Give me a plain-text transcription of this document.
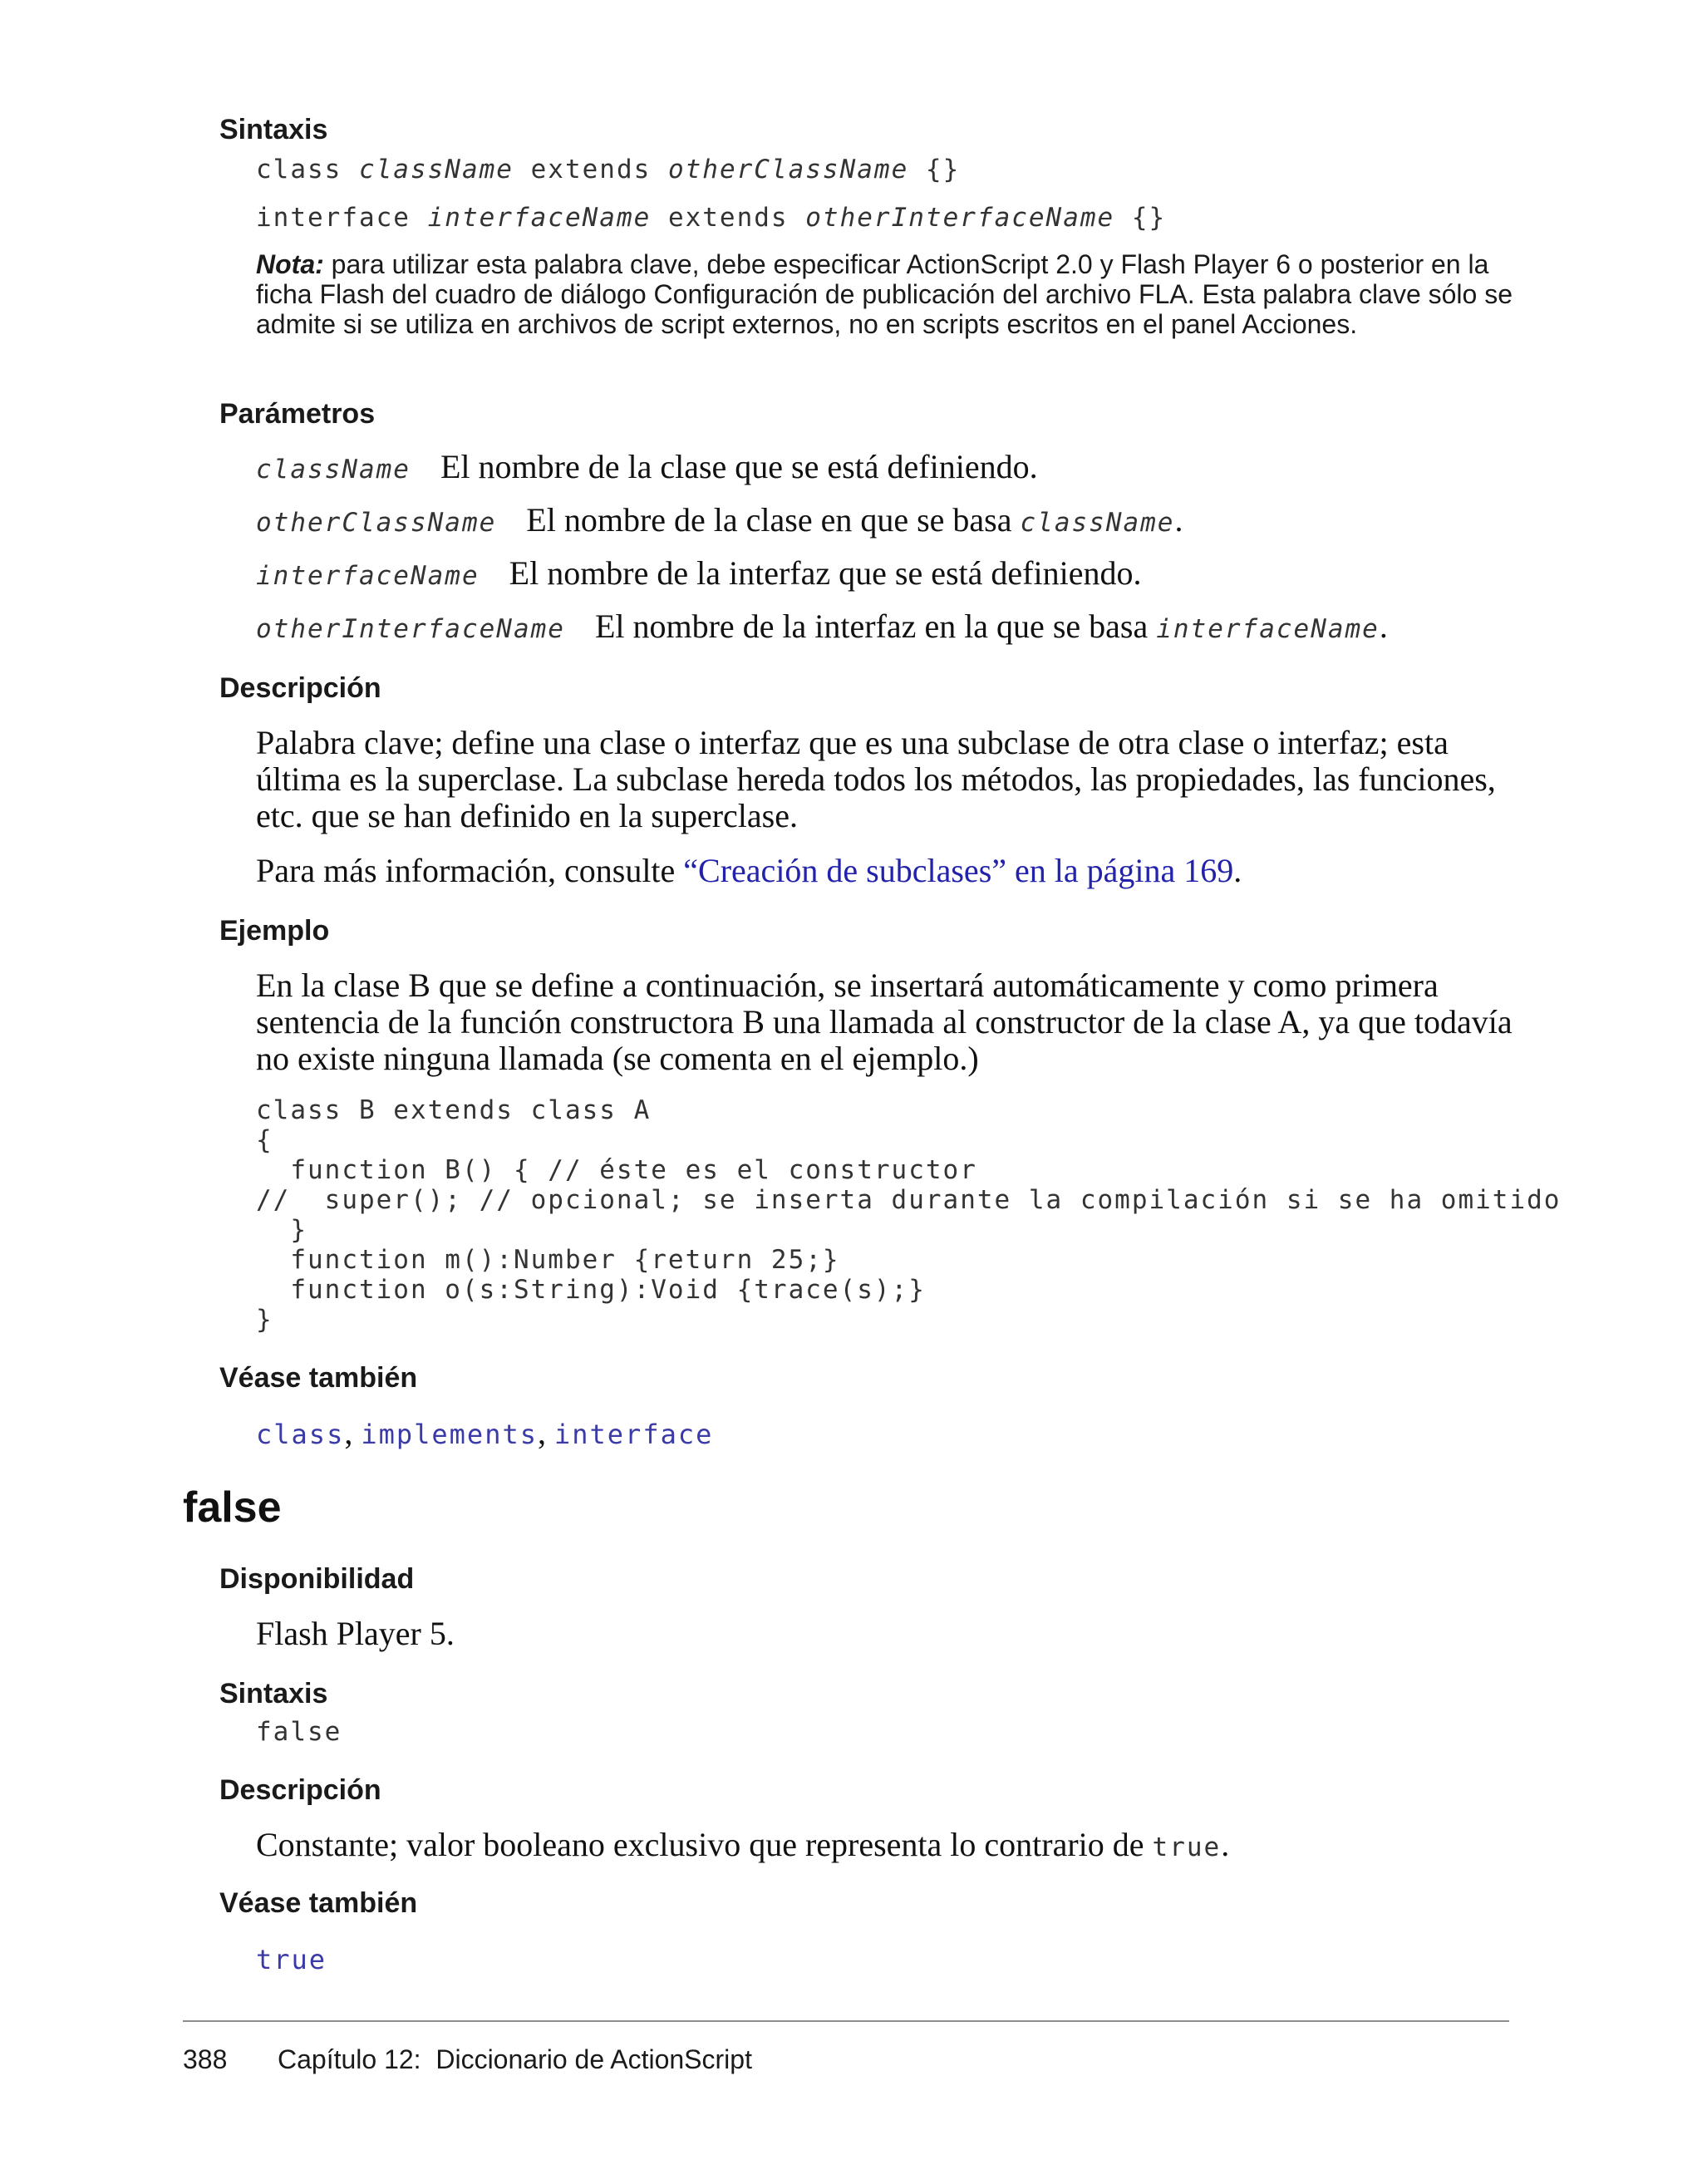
Sintaxis

class className extends otherClassName {}

interface interfaceName extends otherInterfaceName {}

Nota: para utilizar esta palabra clave, debe especificar ActionScript 2.0 y Flash Player 6 o posterior en la ficha Flash del cuadro de diálogo Configuración de publicación del archivo FLA. Esta palabra clave sólo se admite si se utiliza en archivos de script externos, no en scripts escritos en el panel Acciones.

Parámetros

className El nombre de la clase que se está definiendo.

otherClassName El nombre de la clase en que se basa className.

interfaceName El nombre de la interfaz que se está definiendo.

otherInterfaceName El nombre de la interfaz en la que se basa interfaceName.

Descripción

Palabra clave; define una clase o interfaz que es una subclase de otra clase o interfaz; esta última es la superclase. La subclase hereda todos los métodos, las propiedades, las funciones, etc. que se han definido en la superclase.

Para más información, consulte “Creación de subclases” en la página 169.

Ejemplo

En la clase B que se define a continuación, se insertará automáticamente y como primera sentencia de la función constructora B una llamada al constructor de la clase A, ya que todavía no existe ninguna llamada (se comenta en el ejemplo.)

class B extends class A
{
function B() { // éste es el constructor
//  super(); // opcional; se inserta durante la compilación si se ha omitido
}
function m():Number {return 25;}
function o(s:String):Void {trace(s);}
}
Véase también

class, implements, interface

false
Disponibilidad

Flash Player 5.

Sintaxis

false

Descripción

Constante; valor booleano exclusivo que representa lo contrario de true.

Véase también

true

388 Capítulo 12:  Diccionario de ActionScript
